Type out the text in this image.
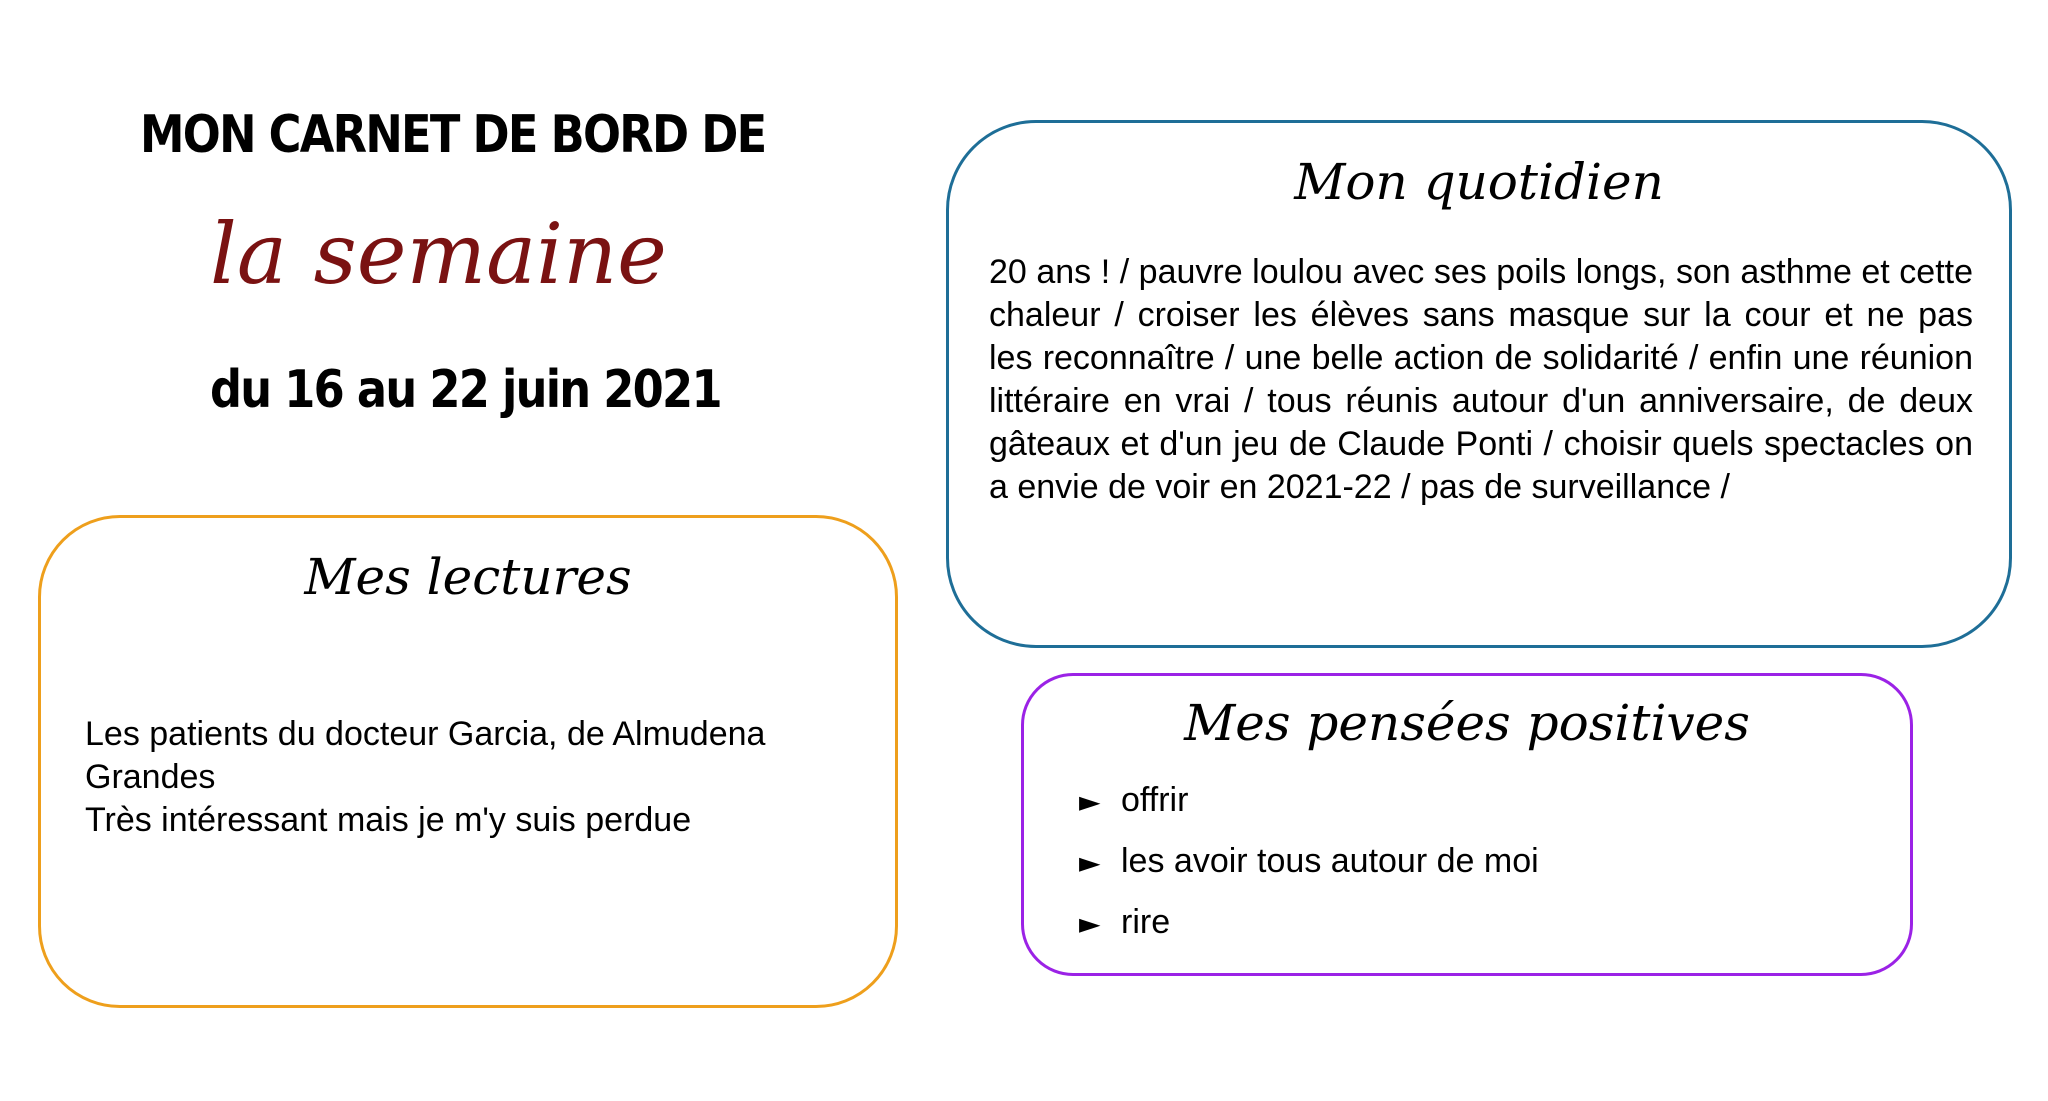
MON CARNET DE BORD DE
la semaine
du 16 au 22 juin 2021
Mes lectures
Les patients du docteur Garcia, de Almudena Grandes
Très intéressant mais je m'y suis perdue
Mon quotidien
20 ans ! / pauvre loulou avec ses poils longs, son asthme et cette chaleur / croiser les élèves sans masque sur la cour et ne pas les reconnaître / une belle action de solidarité / enfin une réunion littéraire en vrai / tous réunis autour d'un anniversaire, de deux gâteaux et d'un jeu de Claude Ponti / choisir quels spectacles on a envie de voir en 2021-22 / pas de surveillance /
Mes pensées positives
► offrir
► les avoir tous autour de moi
► rire
